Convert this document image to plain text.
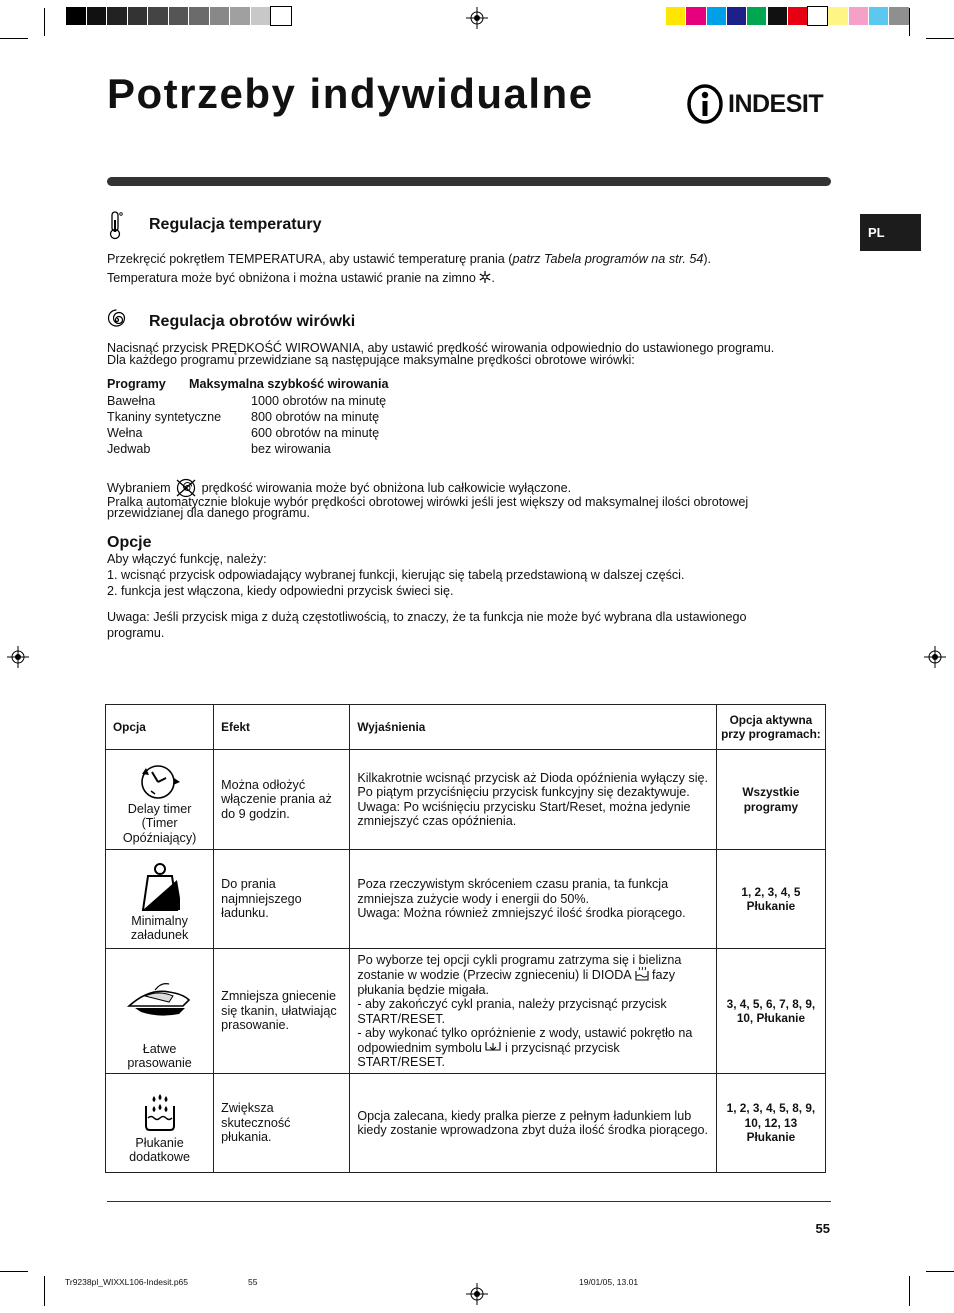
Potrzeby indywidualne	INDESIT
PL
Regulacja temperatury
Przekręcić pokrętłem TEMPERATURA, aby ustawić temperaturę prania (patrz Tabela programów na str. 54).
Temperatura może być obniżona i można ustawić pranie na zimno .
Regulacja obrotów wirówki
Nacisnąć przycisk PRĘDKOŚĆ WIROWANIA, aby ustawić prędkość wirowania odpowiednio do ustawionego programu.
Dla każdego programu przewidziane są następujące maksymalne prędkości obrotowe wirówki:
Programy Maksymalna szybkość wirowania
Bawełna	1000 obrotów na minutę
Tkaniny syntetyczne 800 obrotów na minutę
Wełna	600 obrotów na minutę
Jedwab	bez wirowania
Wybraniem prędkość wirowania może być obniżona lub całkowicie wyłączone.
Pralka automatycznie blokuje wybór prędkości obrotowej wirówki jeśli jest większy od maksymalnej ilości obrotowej
przewidzianej dla danego programu.
Opcje
Aby włączyć funkcję, należy:
1. wcisnąć przycisk odpowiadający wybranej funkcji, kierując się tabelą przedstawioną w dalszej części.
2. funkcja jest włączona, kiedy odpowiedni przycisk świeci się.
Uwaga: Jeśli przycisk miga z dużą częstotliwością, to znaczy, że ta funkcja nie może być wybrana dla ustawionego
programu.
Opcja	Efekt	Wyjaśnienia	Opcja aktywna przy programach:

Delay timer (Timer Opóźniający)	Można odłożyć włączenie prania aż do 9 godzin.	Kilkakrotnie wcisnąć przycisk aż Dioda opóźnienia wyłączy się.
Po piątym przyciśnięciu przycisk funkcyjny się dezaktywuje.
Uwaga: Po wciśnięciu przycisku Start/Reset, można jedynie zmniejszyć czas opóźnienia.	Wszystkie programy

Minimalny załadunek	Do prania najmniejszego ładunku.	Poza rzeczywistym skróceniem czasu prania, ta funkcja zmniejsza zużycie wody i energii do 50%.
Uwaga: Można również zmniejszyć ilość środka piorącego.	1, 2, 3, 4, 5 Płukanie

Łatwe prasowanie	Zmniejsza gniecenie się tkanin, ułatwiając prasowanie.	Po wyborze tej opcji cykli programu zatrzyma się i bielizna zostanie w wodzie (Przeciw zgnieceniu) li DIODA fazy płukania będzie migała.
- aby zakończyć cykl prania, należy przycisnąć przycisk START/RESET.
- aby wykonać tylko opróżnienie z wody, ustawić pokrętło na odpowiednim symbolu i przycisnąć przycisk START/RESET.	3, 4, 5, 6, 7, 8, 9, 10, Płukanie

Płukanie dodatkowe	Zwiększa skuteczność płukania.	Opcja zalecana, kiedy pralka pierze z pełnym ładunkiem lub kiedy zostanie wprowadzona zbyt duża ilość środka piorącego.	1, 2, 3, 4, 5, 8, 9, 10, 12, 13 Płukanie
55
Tr9238pl_WIXXL106-Indesit.p65	55	19/01/05, 13.01
